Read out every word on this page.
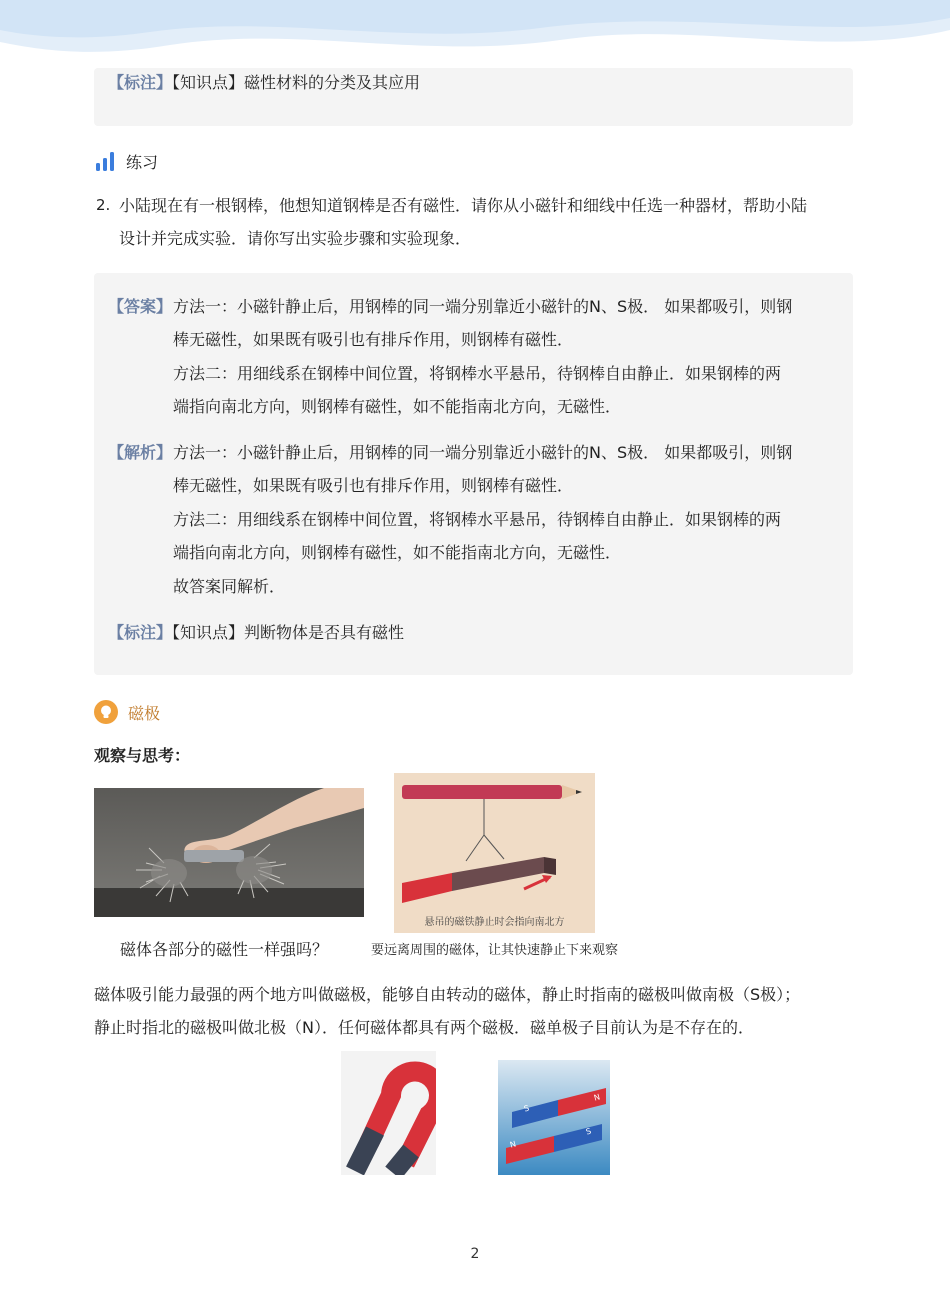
【标注】【知识点】磁性材料的分类及其应用
练习
2. 小陆现在有一根钢棒，他想知道钢棒是否有磁性．请你从小磁针和细线中任选一种器材，帮助小陆
设计并完成实验．请你写出实验步骤和实验现象．
【答案】 方法一：小磁针静止后，用钢棒的同一端分别靠近小磁针的N、S极． 如果都吸引，则钢
棒无磁性，如果既有吸引也有排斥作用，则钢棒有磁性．
方法二：用细线系在钢棒中间位置，将钢棒水平悬吊，待钢棒自由静止．如果钢棒的两
端指向南北方向，则钢棒有磁性，如不能指南北方向，无磁性．
【解析】 方法一：小磁针静止后，用钢棒的同一端分别靠近小磁针的N、S极． 如果都吸引，则钢
棒无磁性，如果既有吸引也有排斥作用，则钢棒有磁性．
方法二：用细线系在钢棒中间位置，将钢棒水平悬吊，待钢棒自由静止．如果钢棒的两
端指向南北方向，则钢棒有磁性，如不能指南北方向，无磁性．
故答案同解析．
【标注】【知识点】判断物体是否具有磁性
磁极
观察与思考：
悬吊的磁铁静止时会指向南北方
磁体各部分的磁性一样强吗？	要远离周围的磁体，让其快速静止下来观察
磁体吸引能力最强的两个地方叫做磁极，能够自由转动的磁体，静止时指南的磁极叫做南极（S极）；
静止时指北的磁极叫做北极（N）．任何磁体都具有两个磁极．磁单极子目前认为是不存在的．
S
N
N
S
2
